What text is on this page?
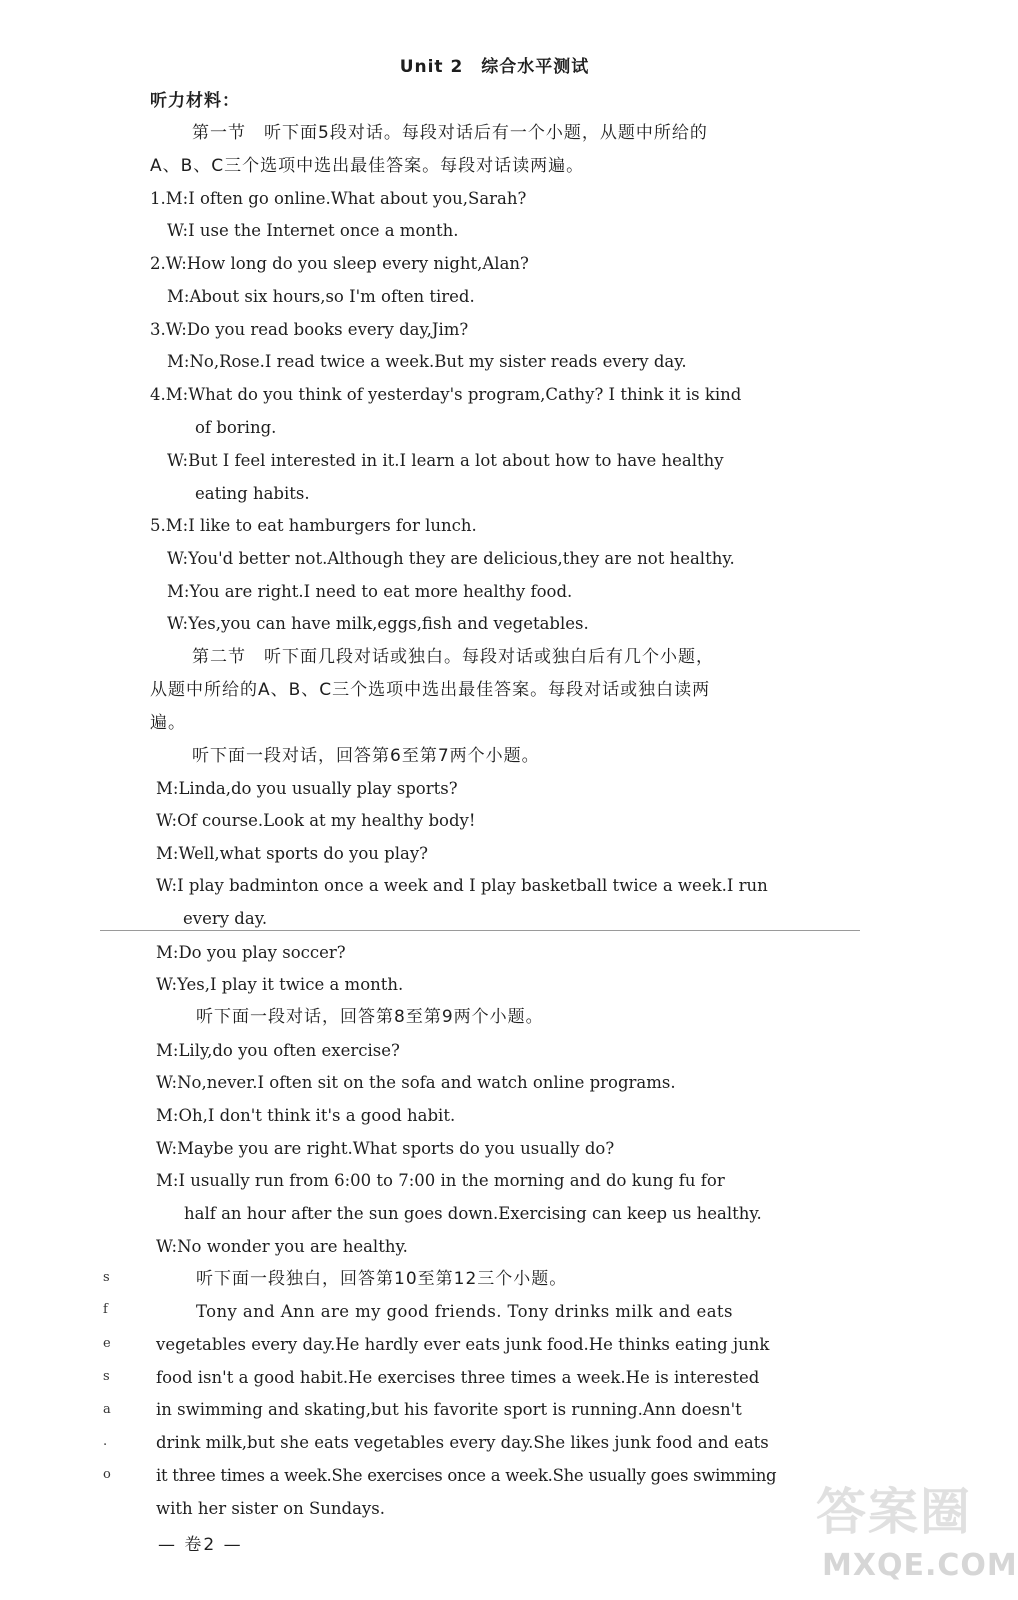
Unit 2　综合水平测试
听力材料：
第一节　听下面5段对话。每段对话后有一个小题，从题中所给的
A、B、C三个选项中选出最佳答案。每段对话读两遍。
1.M:I often go online.What about you,Sarah?
W:I use the Internet once a month.
2.W:How long do you sleep every night,Alan?
M:About six hours,so I'm often tired.
3.W:Do you read books every day,Jim?
M:No,Rose.I read twice a week.But my sister reads every day.
4.M:What do you think of yesterday's program,Cathy? I think it is kind
of boring.
W:But I feel interested in it.I learn a lot about how to have healthy
eating habits.
5.M:I like to eat hamburgers for lunch.
W:You'd better not.Although they are delicious,they are not healthy.
M:You are right.I need to eat more healthy food.
W:Yes,you can have milk,eggs,fish and vegetables.
第二节　听下面几段对话或独白。每段对话或独白后有几个小题，
从题中所给的A、B、C三个选项中选出最佳答案。每段对话或独白读两
遍。
听下面一段对话，回答第6至第7两个小题。
M:Linda,do you usually play sports?
W:Of course.Look at my healthy body!
M:Well,what sports do you play?
W:I play badminton once a week and I play basketball twice a week.I run
every day.
M:Do you play soccer?
W:Yes,I play it twice a month.
听下面一段对话，回答第8至第9两个小题。
M:Lily,do you often exercise?
W:No,never.I often sit on the sofa and watch online programs.
M:Oh,I don't think it's a good habit.
W:Maybe you are right.What sports do you usually do?
M:I usually run from 6:00 to 7:00 in the morning and do kung fu for
half an hour after the sun goes down.Exercising can keep us healthy.
W:No wonder you are healthy.
听下面一段独白，回答第10至第12三个小题。
Tony and Ann are my good friends. Tony drinks milk and eats
vegetables every day.He hardly ever eats junk food.He thinks eating junk
food isn't a good habit.He exercises three times a week.He is interested
in swimming and skating,but his favorite sport is running.Ann doesn't
drink milk,but she eats vegetables every day.She likes junk food and eats
it three times a week.She exercises once a week.She usually goes swimming
with her sister on Sundays.
s
f
e
s
a
.
o
— 卷2 —
答案圈
MXQE.COM
